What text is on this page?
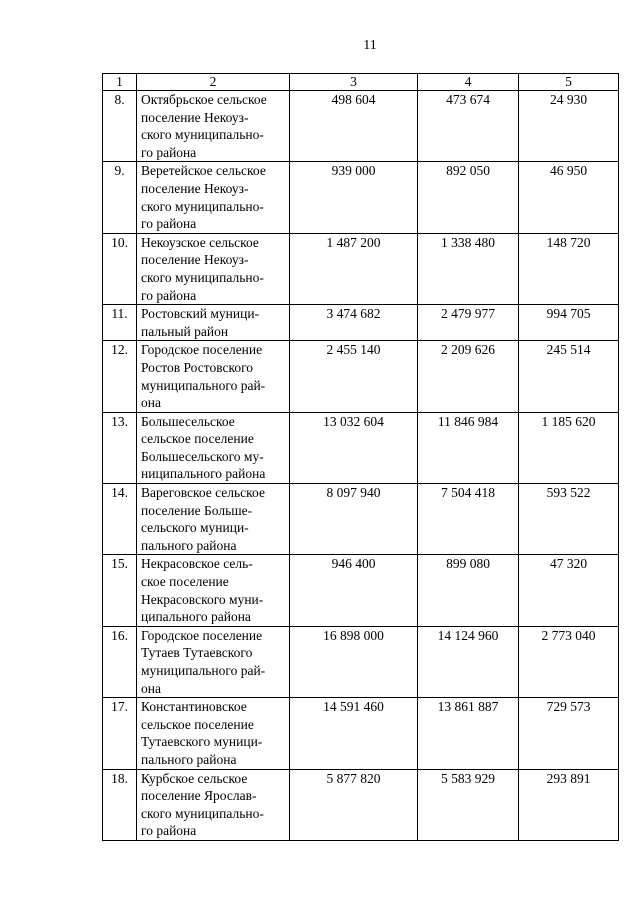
11
1	2	3	4	5
8.	Октябрьское сельское
поселение Некоуз-
ского муниципально-
го района	498 604	473 674	24 930
9.	Веретейское сельское
поселение Некоуз-
ского муниципально-
го района	939 000	892 050	46 950
10.	Некоузское сельское
поселение Некоуз-
ского муниципально-
го района	1 487 200	1 338 480	148 720
11.	Ростовский муници-
пальный район	3 474 682	2 479 977	994 705
12.	Городское поселение
Ростов Ростовского
муниципального рай-
она	2 455 140	2 209 626	245 514
13.	Большесельское
сельское поселение
Большесельского му-
ниципального района	13 032 604	11 846 984	1 185 620
14.	Вареговское сельское
поселение Больше-
сельского муници-
пального района	8 097 940	7 504 418	593 522
15.	Некрасовское сель-
ское поселение
Некрасовского муни-
ципального района	946 400	899 080	47 320
16.	Городское поселение
Тутаев Тутаевского
муниципального рай-
она	16 898 000	14 124 960	2 773 040
17.	Константиновское
сельское поселение
Тутаевского муници-
пального района	14 591 460	13 861 887	729 573
18.	Курбское сельское
поселение Ярослав-
ского муниципально-
го района	5 877 820	5 583 929	293 891
